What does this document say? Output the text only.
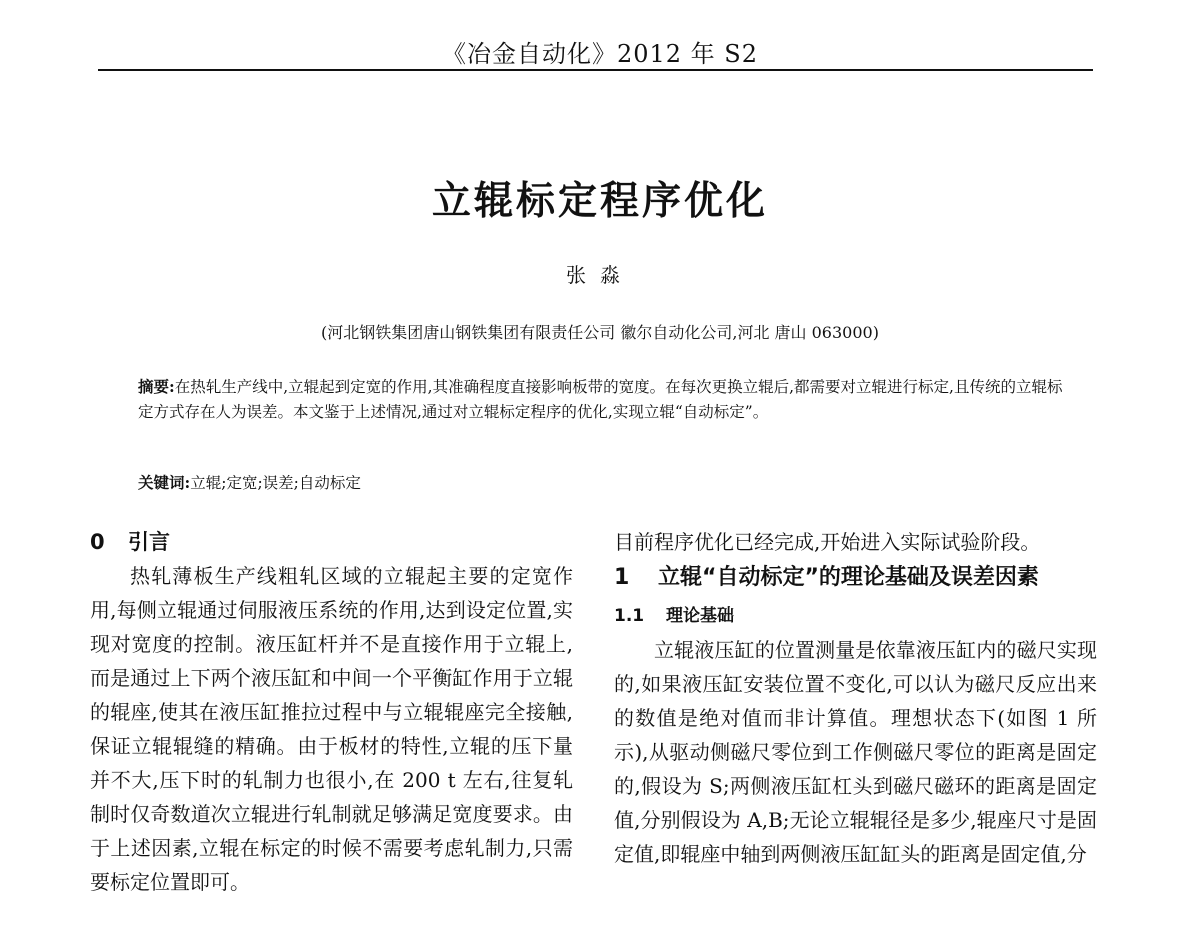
《冶金自动化》2012 年 S2
立辊标定程序优化
张淼
(河北钢铁集团唐山钢铁集团有限责任公司 徽尔自动化公司,河北 唐山 063000)
摘要:在热轧生产线中,立辊起到定宽的作用,其准确程度直接影响板带的宽度。在每次更换立辊后,都需要对立辊进行标定,且传统的立辊标定方式存在人为误差。本文鉴于上述情况,通过对立辊标定程序的优化,实现立辊“自动标定”。
关键词:立辊;定宽;误差;自动标定
0 引言

热轧薄板生产线粗轧区域的立辊起主要的定宽作用,每侧立辊通过伺服液压系统的作用,达到设定位置,实现对宽度的控制。液压缸杆并不是直接作用于立辊上,而是通过上下两个液压缸和中间一个平衡缸作用于立辊的辊座,使其在液压缸推拉过程中与立辊辊座完全接触,保证立辊辊缝的精确。由于板材的特性,立辊的压下量并不大,压下时的轧制力也很小,在 200 t 左右,往复轧制时仅奇数道次立辊进行轧制就足够满足宽度要求。由于上述因素,立辊在标定的时候不需要考虑轧制力,只需要标定位置即可。

目前程序优化已经完成,开始进入实际试验阶段。

1	立辊“自动标定”的理论基础及误差因素
1.1 理论基础

立辊液压缸的位置测量是依靠液压缸内的磁尺实现的,如果液压缸安装位置不变化,可以认为磁尺反应出来的数值是绝对值而非计算值。理想状态下(如图 1 所示),从驱动侧磁尺零位到工作侧磁尺零位的距离是固定的,假设为 S;两侧液压缸杠头到磁尺磁环的距离是固定值,分别假设为 A,B;无论立辊辊径是多少,辊座尺寸是固定值,即辊座中轴到两侧液压缸缸头的距离是固定值,分
